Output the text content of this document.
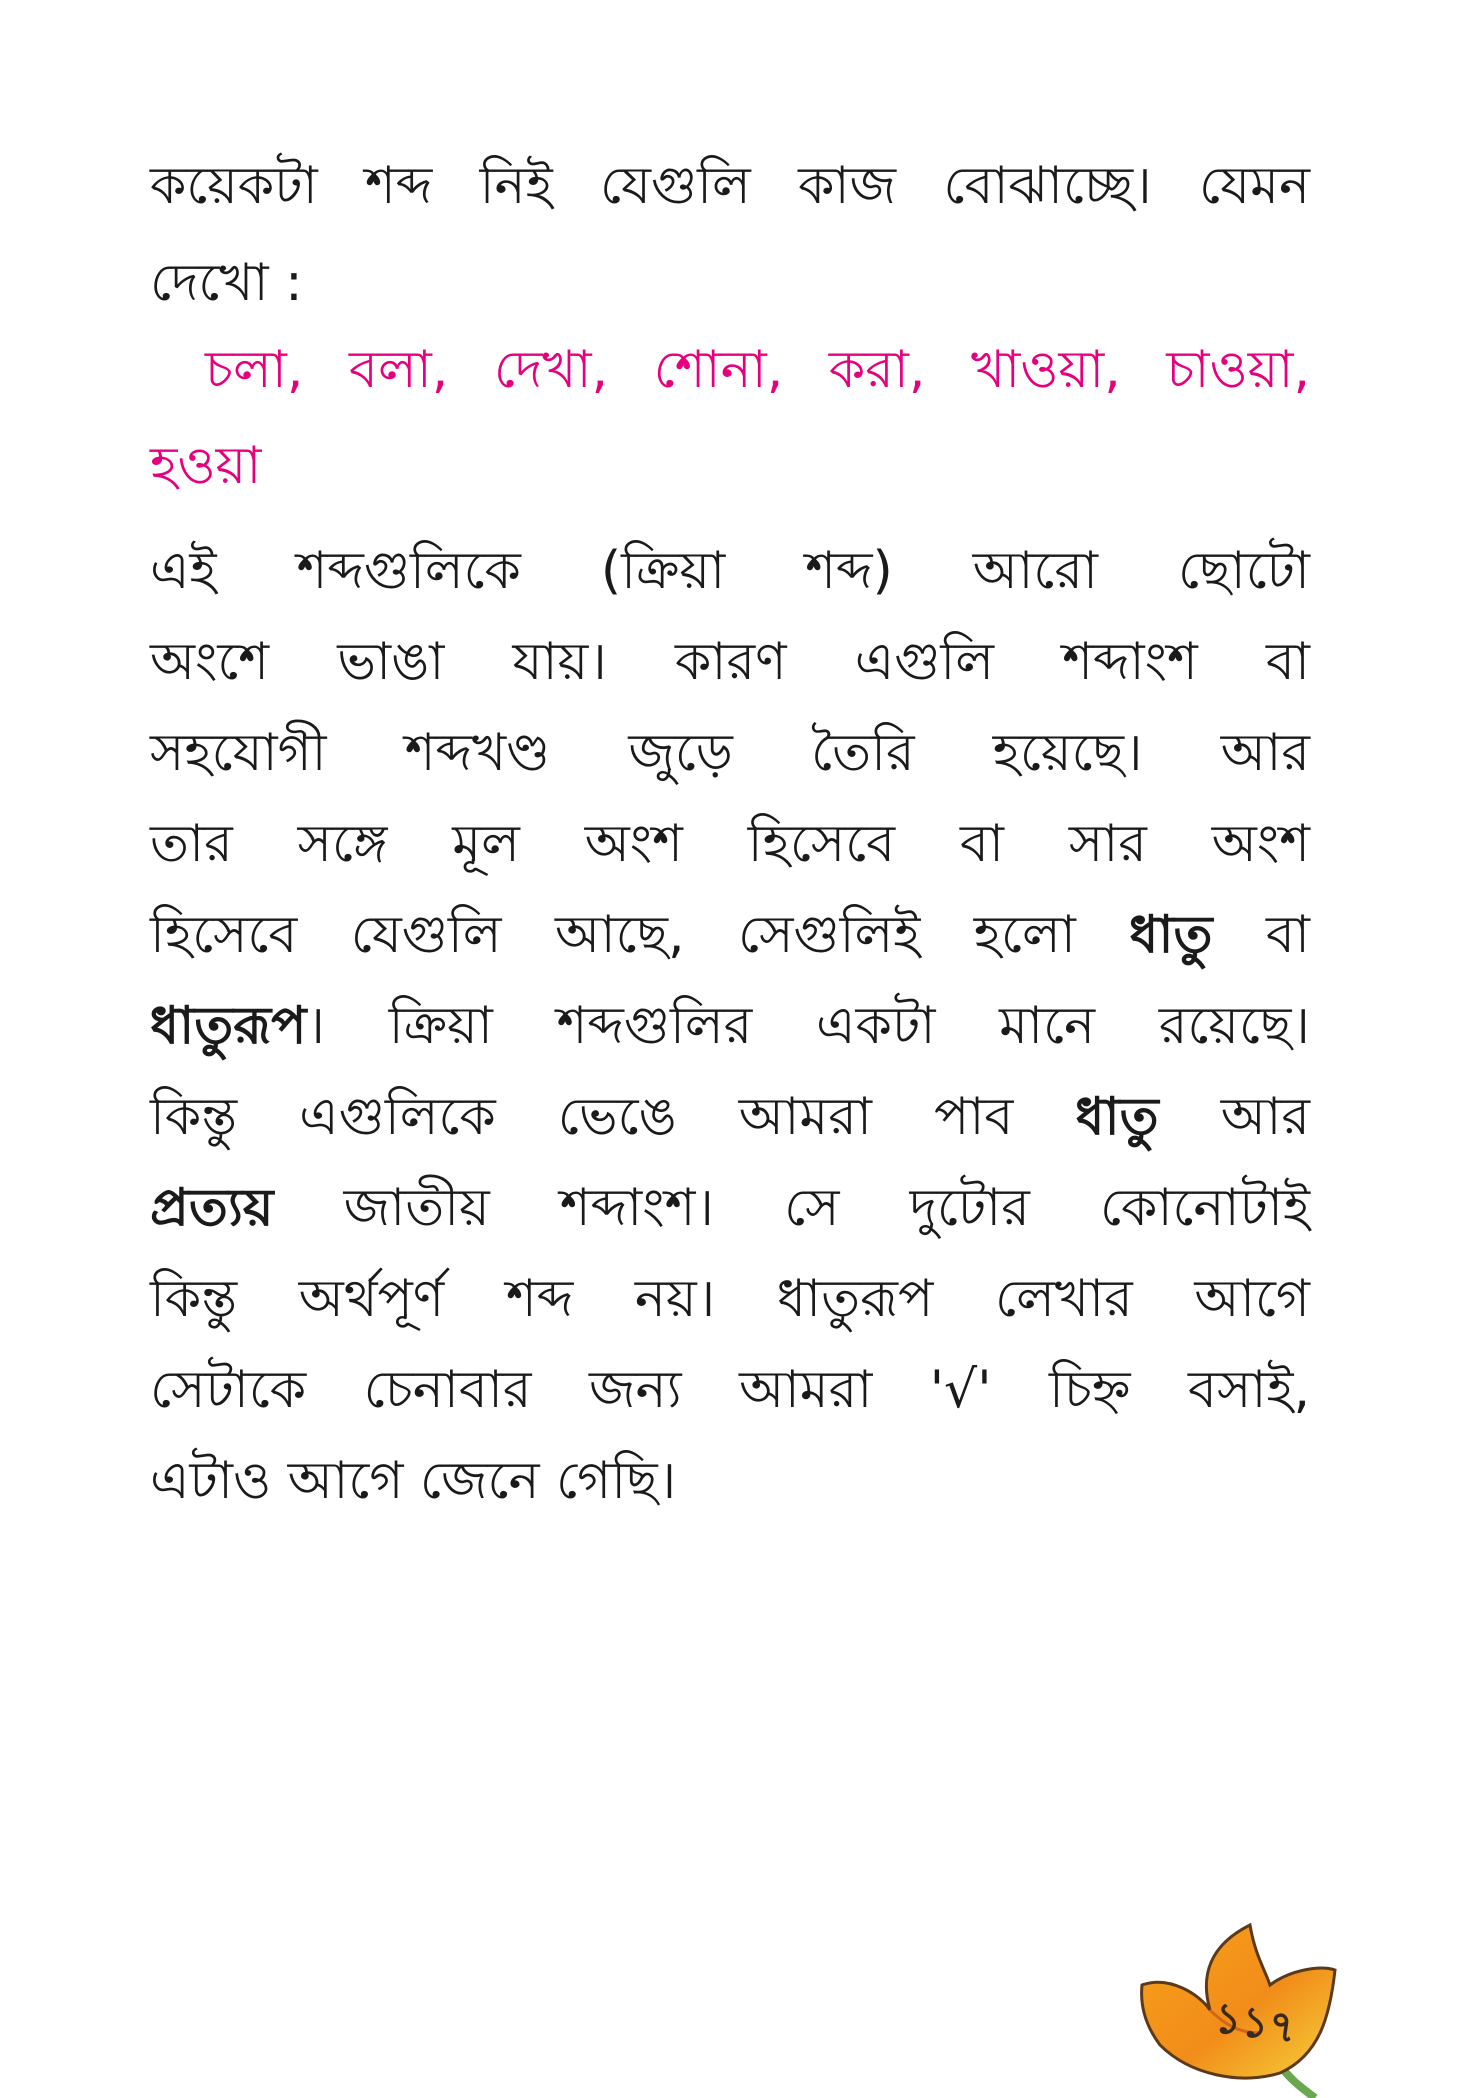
কয়েকটা শব্দ নিই যেগুলি কাজ বোঝাচ্ছে। যেমন
দেখো :
চলা, বলা, দেখা, শোনা, করা, খাওয়া, চাওয়া,
হওয়া
এই শব্দগুলিকে (ক্রিয়া শব্দ) আরো ছোটো
অংশে ভাঙা যায়। কারণ এগুলি শব্দাংশ বা
সহযোগী শব্দখণ্ড জুড়ে তৈরি হয়েছে। আর
তার সঙ্গে মূল অংশ হিসেবে বা সার অংশ
হিসেবে যেগুলি আছে, সেগুলিই হলো ধাতু বা
ধাতুরূপ। ক্রিয়া শব্দগুলির একটা মানে রয়েছে।
কিন্তু এগুলিকে ভেঙে আমরা পাব ধাতু আর
প্রত্যয় জাতীয় শব্দাংশ। সে দুটোর কোনোটাই
কিন্তু অর্থপূর্ণ শব্দ নয়। ধাতুরূপ লেখার আগে
সেটাকে চেনাবার জন্য আমরা '√' চিহ্ন বসাই,
এটাও আগে জেনে গেছি।
১১৭
